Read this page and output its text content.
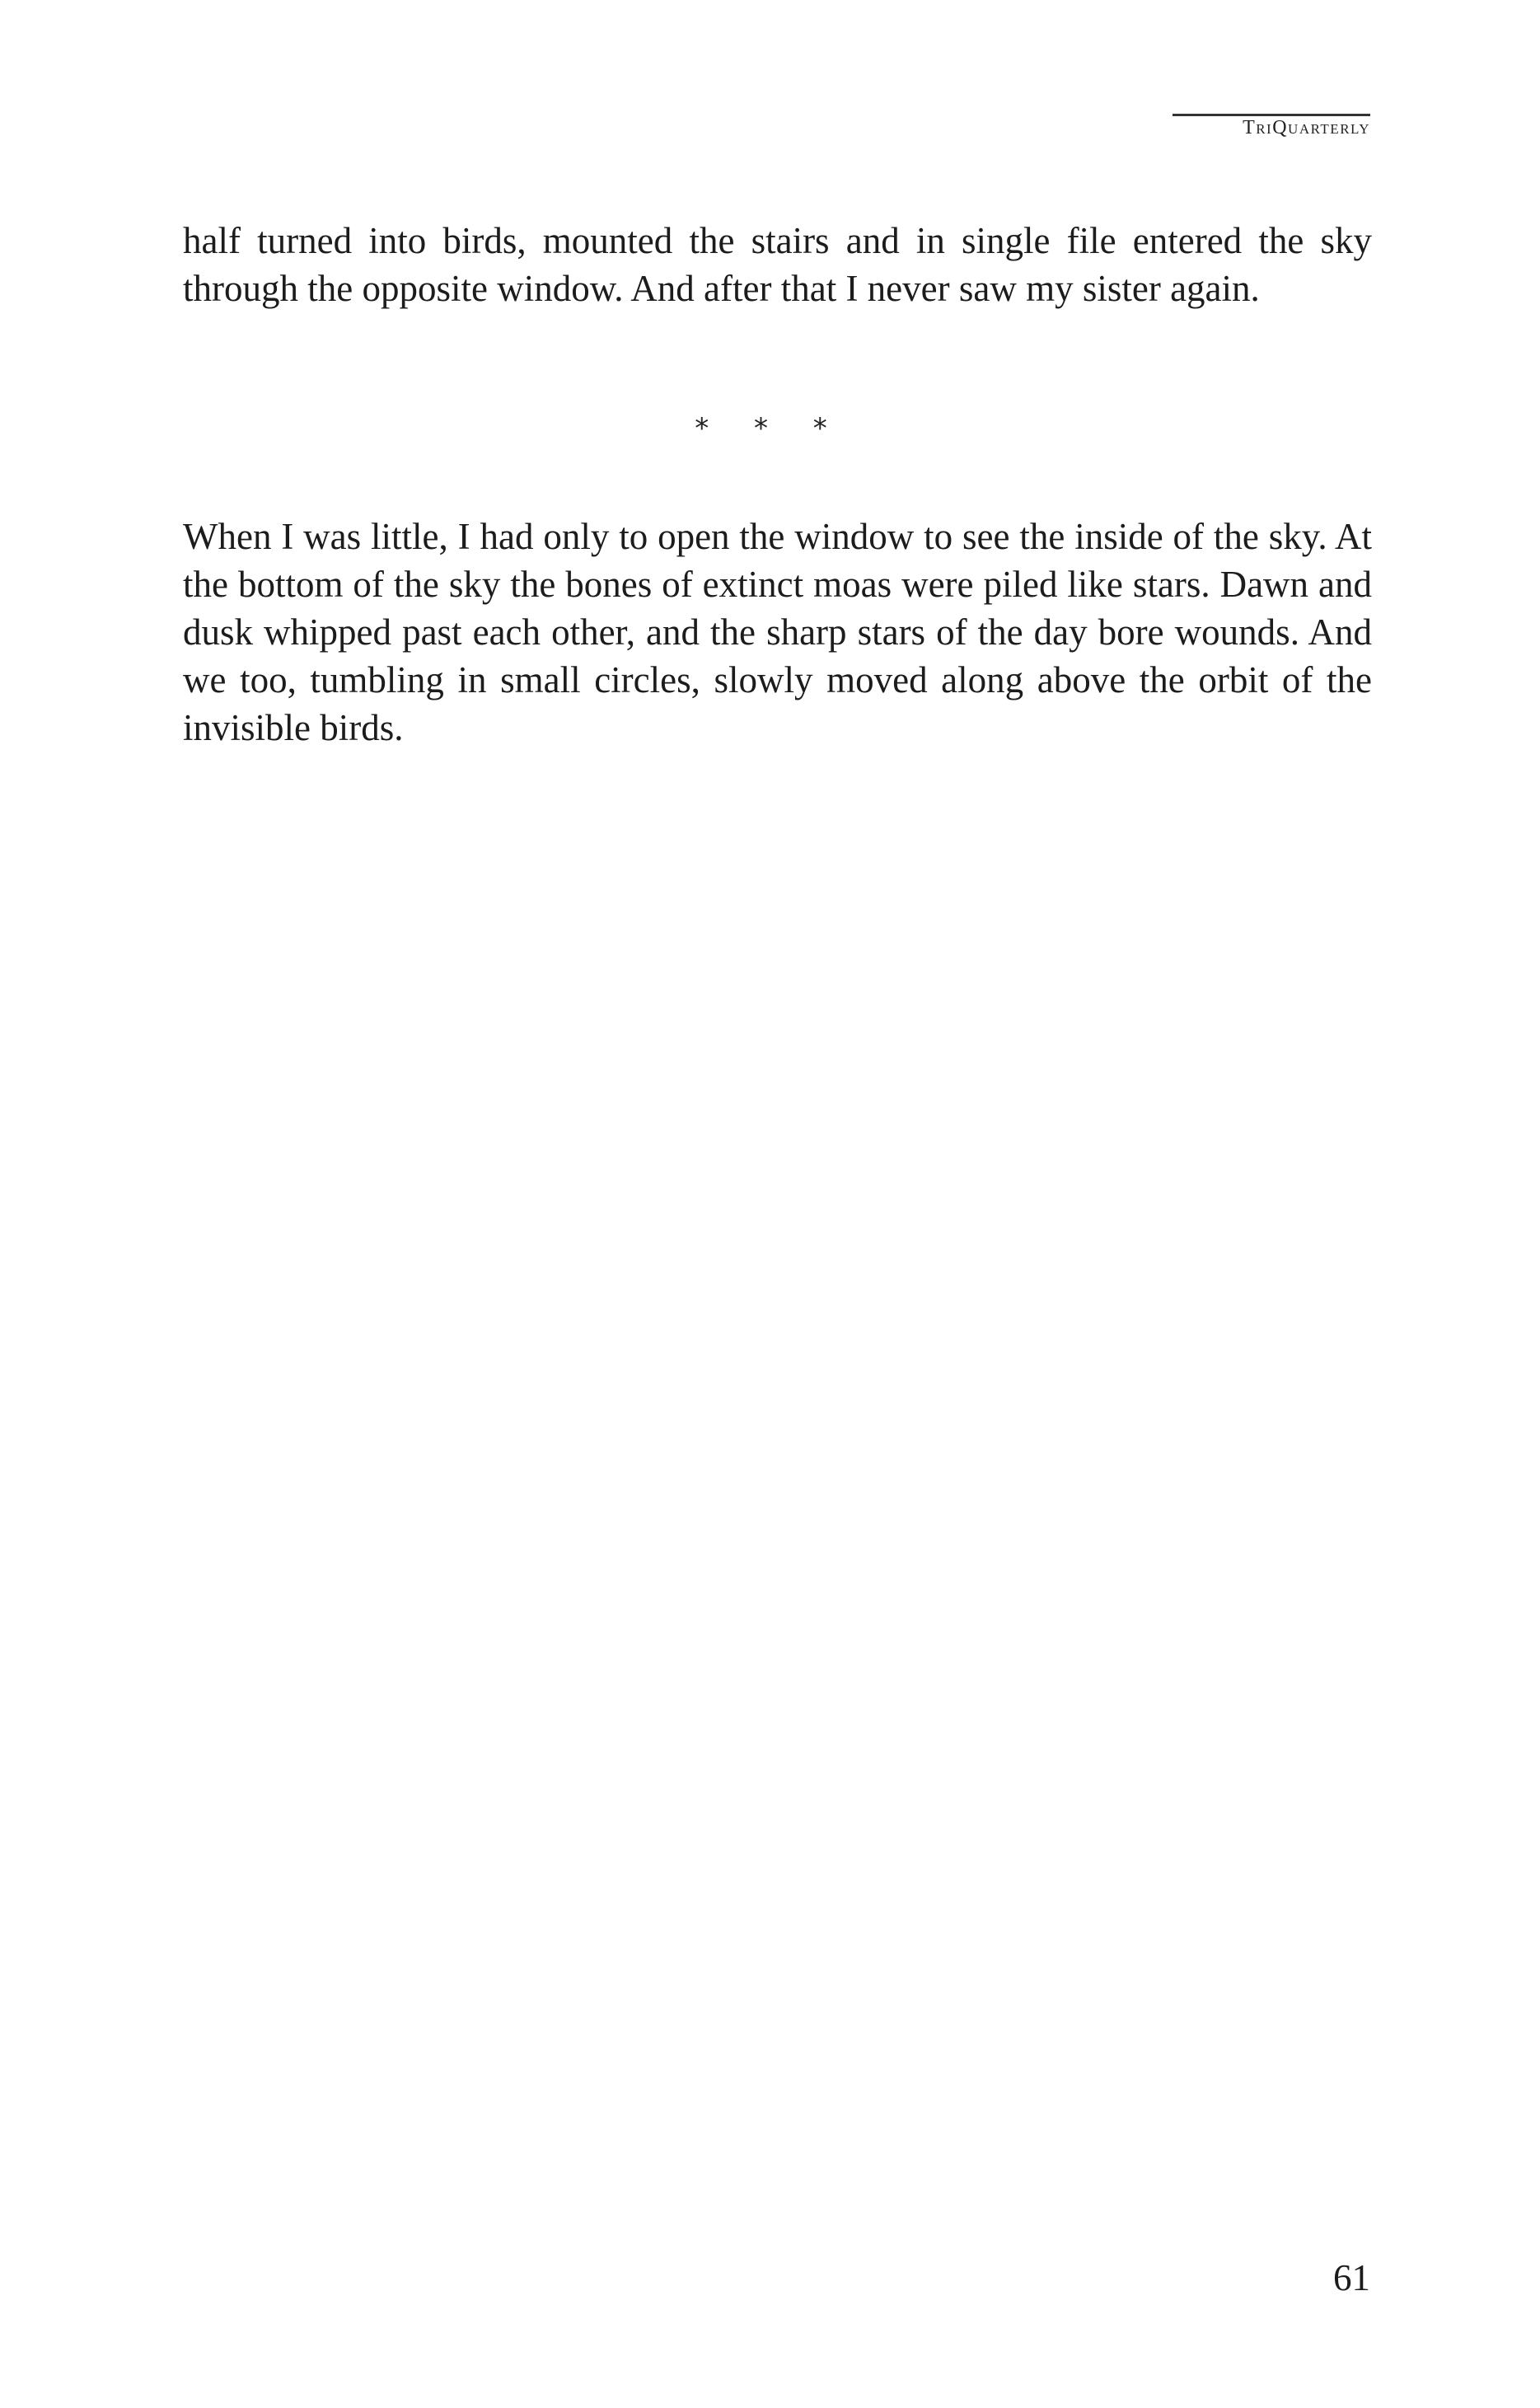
TriQuarterly

half turned into birds, mounted the stairs and in single file entered the sky through the opposite window. And after that I never saw my sister again.

* * *

When I was little, I had only to open the window to see the inside of the sky. At the bottom of the sky the bones of extinct moas were piled like stars. Dawn and dusk whipped past each other, and the sharp stars of the day bore wounds. And we too, tumbling in small circles, slowly moved along above the orbit of the invisible birds.

61
